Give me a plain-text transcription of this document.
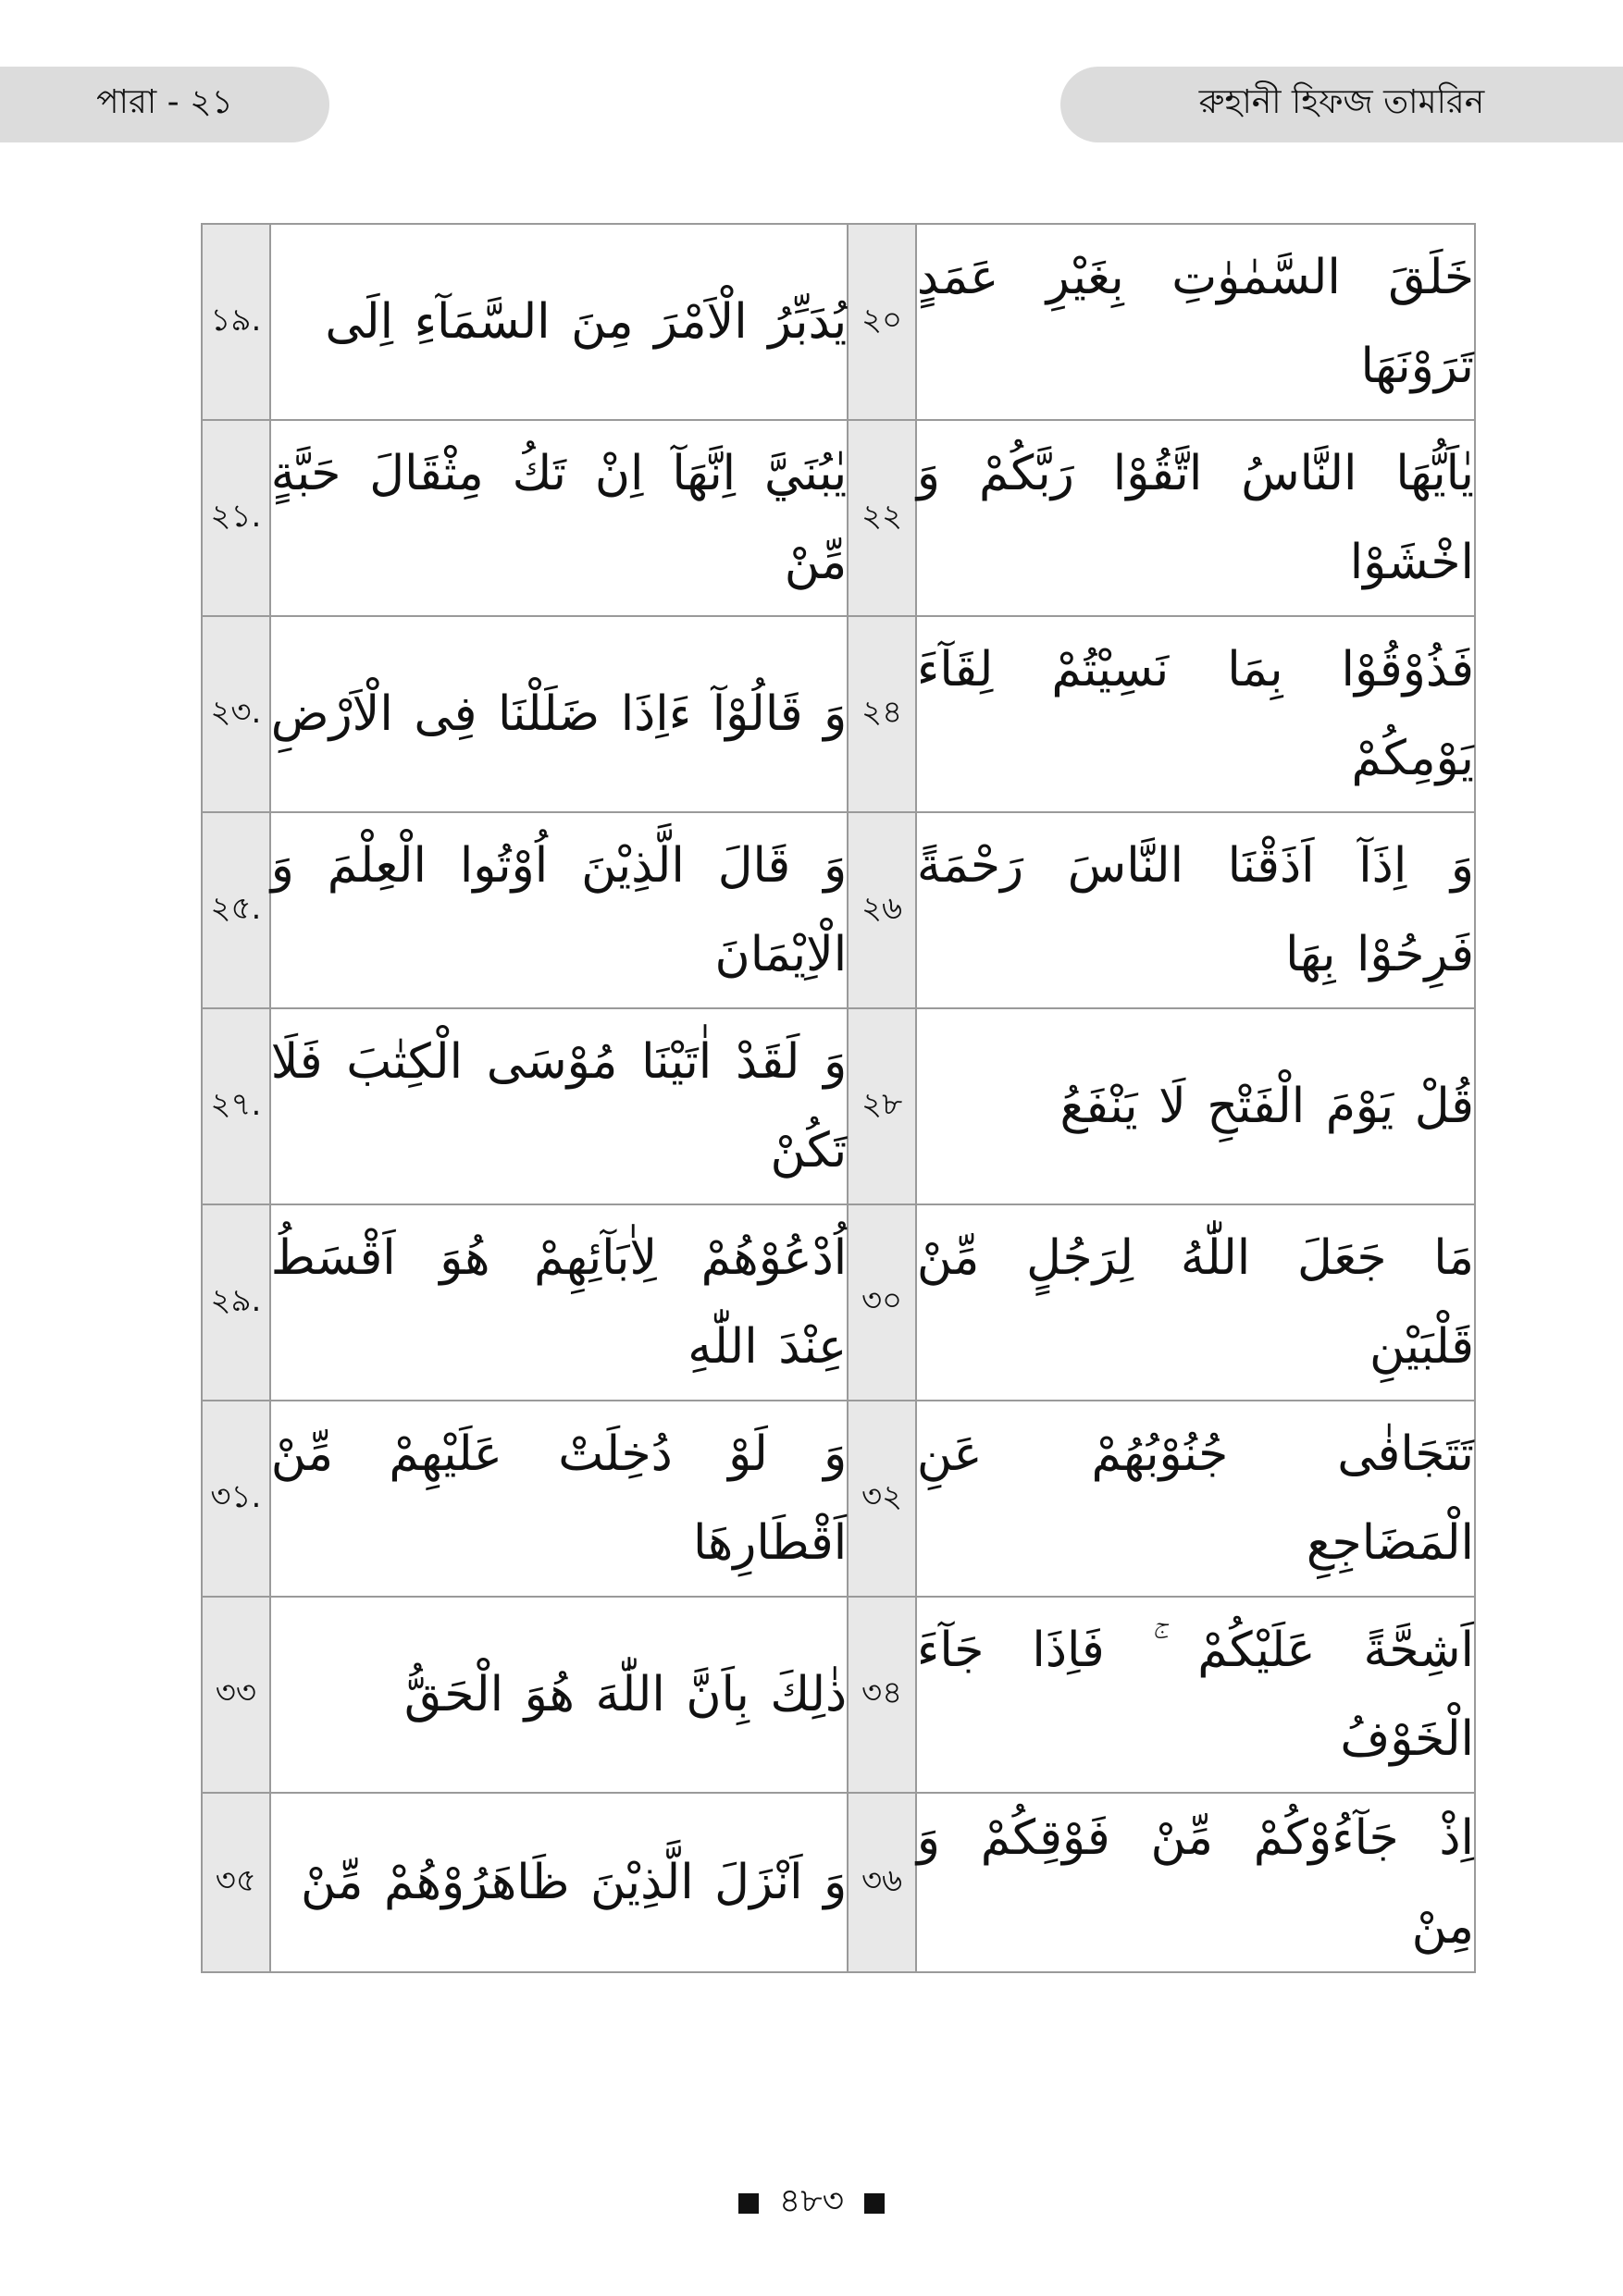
পারা - ২১	রুহানী হিফজ তামরিন
১৯.	يُدَبِّرُ الْاَمْرَ مِنَ السَّمَآءِ اِلَى	২০	خَلَقَ السَّمٰوٰتِ بِغَيْرِ عَمَدٍ تَرَوْنَهَا
২১.	يٰبُنَيَّ اِنَّهَآ اِنْ تَكُ مِثْقَالَ حَبَّةٍ مِّنْ	২২	يٰاَيُّهَا النَّاسُ اتَّقُوْا رَبَّكُمْ وَ اخْشَوْا
২৩.	وَ قَالُوْآ ءَاِذَا ضَلَلْنَا فِى الْاَرْضِ	২৪	فَذُوْقُوْا بِمَا نَسِيْتُمْ لِقَآءَ يَوْمِكُمْ
২৫.	وَ قَالَ الَّذِيْنَ اُوْتُوا الْعِلْمَ وَ الْاِيْمَانَ	২৬	وَ اِذَآ اَذَقْنَا النَّاسَ رَحْمَةً فَرِحُوْا بِهَا
২৭.	وَ لَقَدْ اٰتَيْنَا مُوْسَى الْكِتٰبَ فَلَا تَكُنْ	২৮	قُلْ يَوْمَ الْفَتْحِ لَا يَنْفَعُ
২৯.	اُدْعُوْهُمْ لِاٰبَآئِهِمْ هُوَ اَقْسَطُ عِنْدَ اللّٰهِ	৩০	مَا جَعَلَ اللّٰهُ لِرَجُلٍ مِّنْ قَلْبَيْنِ
৩১.	وَ لَوْ دُخِلَتْ عَلَيْهِمْ مِّنْ اَقْطَارِهَا	৩২	تَتَجَافٰى جُنُوْبُهُمْ عَنِ الْمَضَاجِعِ
৩৩	ذٰلِكَ بِاَنَّ اللّٰهَ هُوَ الْحَقُّ	৩৪	اَشِحَّةً عَلَيْكُمْ ۚ فَاِذَا جَآءَ الْخَوْفُ
৩৫	وَ اَنْزَلَ الَّذِيْنَ ظَاهَرُوْهُمْ مِّنْ	৩৬	اِذْ جَآءُوْكُمْ مِّنْ فَوْقِكُمْ وَ مِنْ
৪৮৩
